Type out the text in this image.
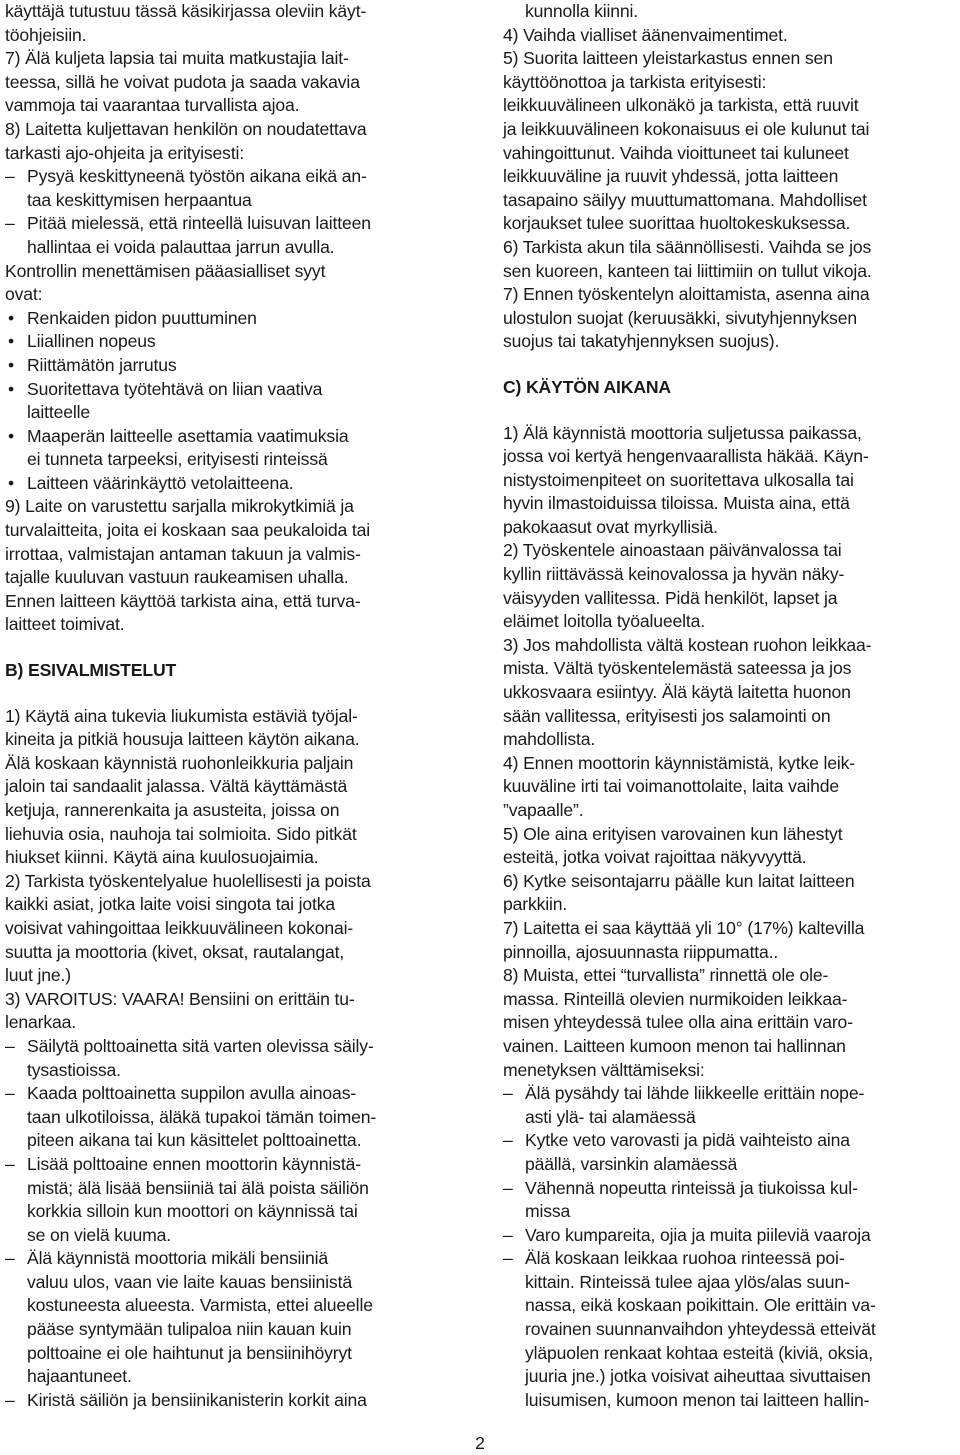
käyttäjä tutustuu tässä käsikirjassa oleviin käyt-
töohjeisiin.
7) Älä kuljeta lapsia tai muita matkustajia lait-
teessa, sillä he voivat pudota ja saada vakavia
vammoja tai vaarantaa turvallista ajoa.
8) Laitetta kuljettavan henkilön on noudatettava
tarkasti ajo-ohjeita ja erityisesti:
– Pysyä keskittyneenä työstön aikana eikä an-
taa keskittymisen herpaantua
– Pitää mielessä, että rinteellä luisuvan laitteen
hallintaa ei voida palauttaa jarrun avulla.
Kontrollin menettämisen pääasialliset syyt
ovat:
• Renkaiden pidon puuttuminen
• Liiallinen nopeus
• Riittämätön jarrutus
• Suoritettava työtehtävä on liian vaativa
laitteelle
• Maaperän laitteelle asettamia vaatimuksia
ei tunneta tarpeeksi, erityisesti rinteissä
• Laitteen väärinkäyttö vetolaitteena.
9) Laite on varustettu sarjalla mikrokytkimiä ja
turvalaitteita, joita ei koskaan saa peukaloida tai
irrottaa, valmistajan antaman takuun ja valmis-
tajalle kuuluvan vastuun raukeamisen uhalla.
Ennen laitteen käyttöä tarkista aina, että turva-
laitteet toimivat.
B) ESIVALMISTELUT
1) Käytä aina tukevia liukumista estäviä työjal-
kineita ja pitkiä housuja laitteen käytön aikana.
Älä koskaan käynnistä ruohonleikkuria paljain
jaloin tai sandaalit jalassa. Vältä käyttämästä
ketjuja, rannerenkaita ja asusteita, joissa on
liehuvia osia, nauhoja tai solmioita. Sido pitkät
hiukset kiinni. Käytä aina kuulosuojaimia.
2) Tarkista työskentelyalue huolellisesti ja poista
kaikki asiat, jotka laite voisi singota tai jotka
voisivat vahingoittaa leikkuuvälineen kokonai-
suutta ja moottoria (kivet, oksat, rautalangat,
luut jne.)
3) VAROITUS: VAARA! Bensiini on erittäin tu-
lenarkaa.
– Säilytä polttoainetta sitä varten olevissa säily-
tysastioissa.
– Kaada polttoainetta suppilon avulla ainoas-
taan ulkotiloissa, äläkä tupakoi tämän toimen-
piteen aikana tai kun käsittelet polttoainetta.
– Lisää polttoaine ennen moottorin käynnistä-
mistä; älä lisää bensiiniä tai älä poista säiliön
korkkia silloin kun moottori on käynnissä tai
se on vielä kuuma.
– Älä käynnistä moottoria mikäli bensiiniä
valuu ulos, vaan vie laite kauas bensiinistä
kostuneesta alueesta. Varmista, ettei alueelle
pääse syntymään tulipaloa niin kauan kuin
polttoaine ei ole haihtunut ja bensiinihöyryt
hajaantuneet.
– Kiristä säiliön ja bensiinikanisterin korkit aina
kunnolla kiinni.
4) Vaihda vialliset äänenvaimentimet.
5) Suorita laitteen yleistarkastus ennen sen
käyttöönottoa ja tarkista erityisesti:
leikkuuvälineen ulkonäkö ja tarkista, että ruuvit
ja leikkuuvälineen kokonaisuus ei ole kulunut tai
vahingoittunut. Vaihda vioittuneet tai kuluneet
leikkuuväline ja ruuvit yhdessä, jotta laitteen
tasapaino säilyy muuttumattomana. Mahdolliset
korjaukset tulee suorittaa huoltokeskuksessa.
6) Tarkista akun tila säännöllisesti. Vaihda se jos
sen kuoreen, kanteen tai liittimiin on tullut vikoja.
7) Ennen työskentelyn aloittamista, asenna aina
ulostulon suojat (keruusäkki, sivutyhjennyksen
suojus tai takatyhjennyksen suojus).
C) KÄYTÖN AIKANA
1) Älä käynnistä moottoria suljetussa paikassa,
jossa voi kertyä hengenvaarallista häkää. Käyn-
nistystoimenpiteet on suoritettava ulkosalla tai
hyvin ilmastoiduissa tiloissa. Muista aina, että
pakokaasut ovat myrkyllisiä.
2) Työskentele ainoastaan päivänvalossa tai
kyllin riittävässä keinovalossa ja hyvän näky-
väisyyden vallitessa. Pidä henkilöt, lapset ja
eläimet loitolla työalueelta.
3) Jos mahdollista vältä kostean ruohon leikkaa-
mista. Vältä työskentelemästä sateessa ja jos
ukkosvaara esiintyy. Älä käytä laitetta huonon
sään vallitessa, erityisesti jos salamointi on
mahdollista.
4) Ennen moottorin käynnistämistä, kytke leik-
kuuväline irti tai voimanottolaite, laita vaihde
”vapaalle”.
5) Ole aina erityisen varovainen kun lähestyt
esteitä, jotka voivat rajoittaa näkyvyyttä.
6) Kytke seisontajarru päälle kun laitat laitteen
parkkiin.
7) Laitetta ei saa käyttää yli 10° (17%) kaltevilla
pinnoilla, ajosuunnasta riippumatta..
8) Muista, ettei “turvallista” rinnettä ole ole-
massa. Rinteillä olevien nurmikoiden leikkaa-
misen yhteydessä tulee olla aina erittäin varo-
vainen. Laitteen kumoon menon tai hallinnan
menetyksen välttämiseksi:
– Älä pysähdy tai lähde liikkeelle erittäin nope-
asti ylä- tai alamäessä
– Kytke veto varovasti ja pidä vaihteisto aina
päällä, varsinkin alamäessä
– Vähennä nopeutta rinteissä ja tiukoissa kul-
missa
– Varo kumpareita, ojia ja muita piileviä vaaroja
– Älä koskaan leikkaa ruohoa rinteessä poi-
kittain. Rinteissä tulee ajaa ylös/alas suun-
nassa, eikä koskaan poikittain. Ole erittäin va-
rovainen suunnanvaihdon yhteydessä etteivät
yläpuolen renkaat kohtaa esteitä (kiviä, oksia,
juuria jne.) jotka voisivat aiheuttaa sivuttaisen
luisumisen, kumoon menon tai laitteen hallin-
2
